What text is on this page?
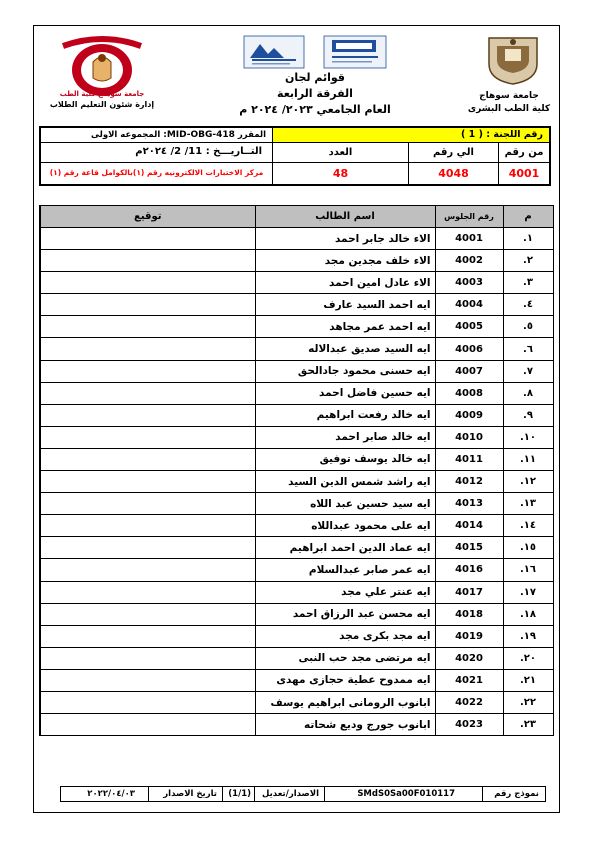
جامعة سوهاج كلية الطب
إدارة شئون التعليم الطلاب
قوائم لجان
الفرقة الرابعة
العام الجامعي ٢٠٢٣/ ٢٠٢٤ م
جامعة سوهاج
كلية الطب البشرى
المقرر MID-OBG-418: المجموعه الاولى	رقم اللجنة : ( 1 )
التــاريـــخ : 11/ 2/ ٢٠٢٤م	العدد	الي رقم	من رقم
مركز الاختبارات الالكترونيه رقم (١)بالكوامل قاعة رقم (١)	48	4048	4001
م	رقم الجلوس	اسم الطالب	توقيع
١.	4001	الاء خالد جابر احمد	
٢.	4002	الاء خلف مجدين مجد	
٣.	4003	الاء عادل امين احمد	
٤.	4004	ايه احمد السيد عارف	
٥.	4005	ايه احمد عمر مجاهد	
٦.	4006	ايه السيد صديق عبدالاله	
٧.	4007	ايه حسنى محمود جادالحق	
٨.	4008	ايه حسين فاضل احمد	
٩.	4009	ايه خالد رفعت ابراهيم	
١٠.	4010	ايه خالد صابر احمد	
١١.	4011	ايه خالد يوسف توفيق	
١٢.	4012	ايه راشد شمس الدين السيد	
١٣.	4013	ايه سيد حسين عبد اللاه	
١٤.	4014	ايه على محمود عبداللاه	
١٥.	4015	ايه عماد الدين احمد ابراهيم	
١٦.	4016	ايه عمر صابر عبدالسلام	
١٧.	4017	ايه عنتر علي مجد	
١٨.	4018	ايه محسن عبد الرزاق احمد	
١٩.	4019	ايه مجد بكرى مجد	
٢٠.	4020	ايه مرتضى مجد حب النبى	
٢١.	4021	ايه ممدوح عطية حجازى مهدى	
٢٢.	4022	ابانوب الرومانى ابراهيم يوسف	
٢٣.	4023	ابانوب جورج وديع شحاته	
نموذج رقم
SMdS0Sa00F010117
الاصدار/تعديل
(1/1)
تاريخ الاصدار
٢٠٢٢/٠٤/٠٣
